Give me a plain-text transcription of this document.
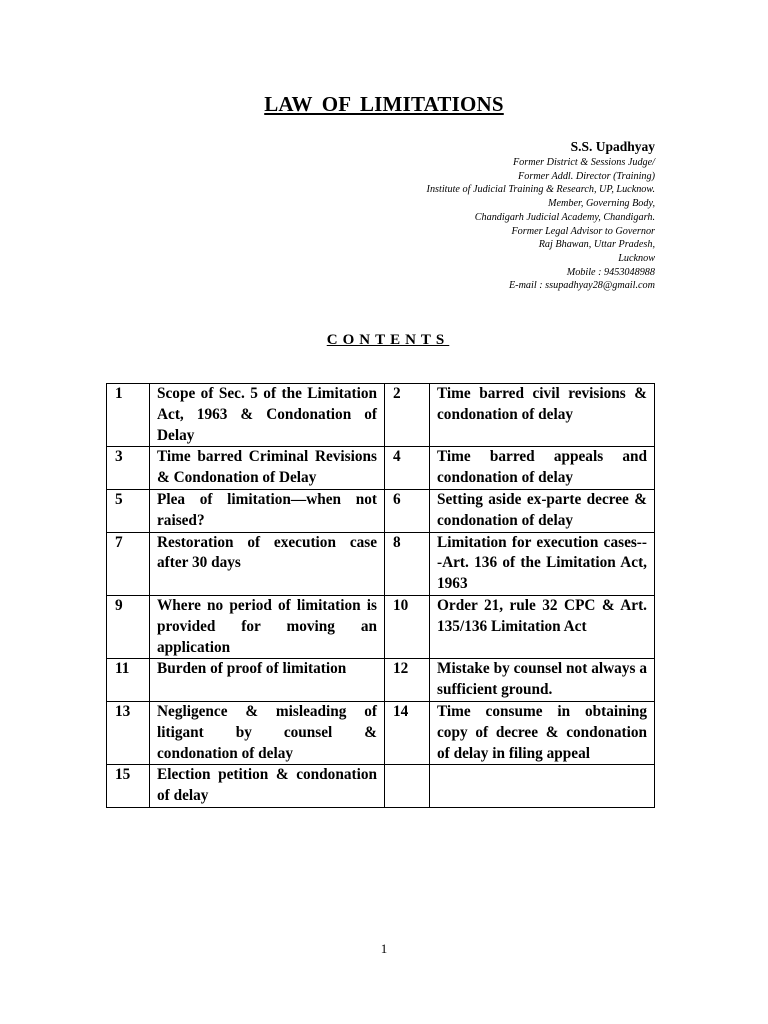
LAW OF LIMITATIONS
S.S. Upadhyay
Former District & Sessions Judge/
Former Addl. Director (Training)
Institute of Judicial Training & Research, UP, Lucknow.
Member, Governing Body,
Chandigarh Judicial Academy, Chandigarh.
Former Legal Advisor to Governor
Raj Bhawan, Uttar Pradesh,
Lucknow
Mobile : 9453048988
E-mail : ssupadhyay28@gmail.com
CONTENTS
1	Scope of Sec. 5 of the Limitation Act, 1963 & Condonation of Delay	2	Time barred civil revisions & condonation of delay
3	Time barred Criminal Revisions & Condonation of Delay	4	Time barred appeals and condonation of delay
5	Plea of limitation—when not raised?	6	Setting aside ex-parte decree & condonation of delay
7	Restoration of execution case after 30 days	8	Limitation for execution cases---Art. 136 of the Limitation Act, 1963
9	Where no period of limitation is provided for moving an application	10	Order 21, rule 32 CPC & Art. 135/136 Limitation Act
11	Burden of proof of limitation	12	Mistake by counsel not always a sufficient ground.
13	Negligence & misleading of litigant by counsel & condonation of delay	14	Time consume in obtaining copy of decree & condonation of delay in filing appeal
15	Election petition & condonation of delay		
1
